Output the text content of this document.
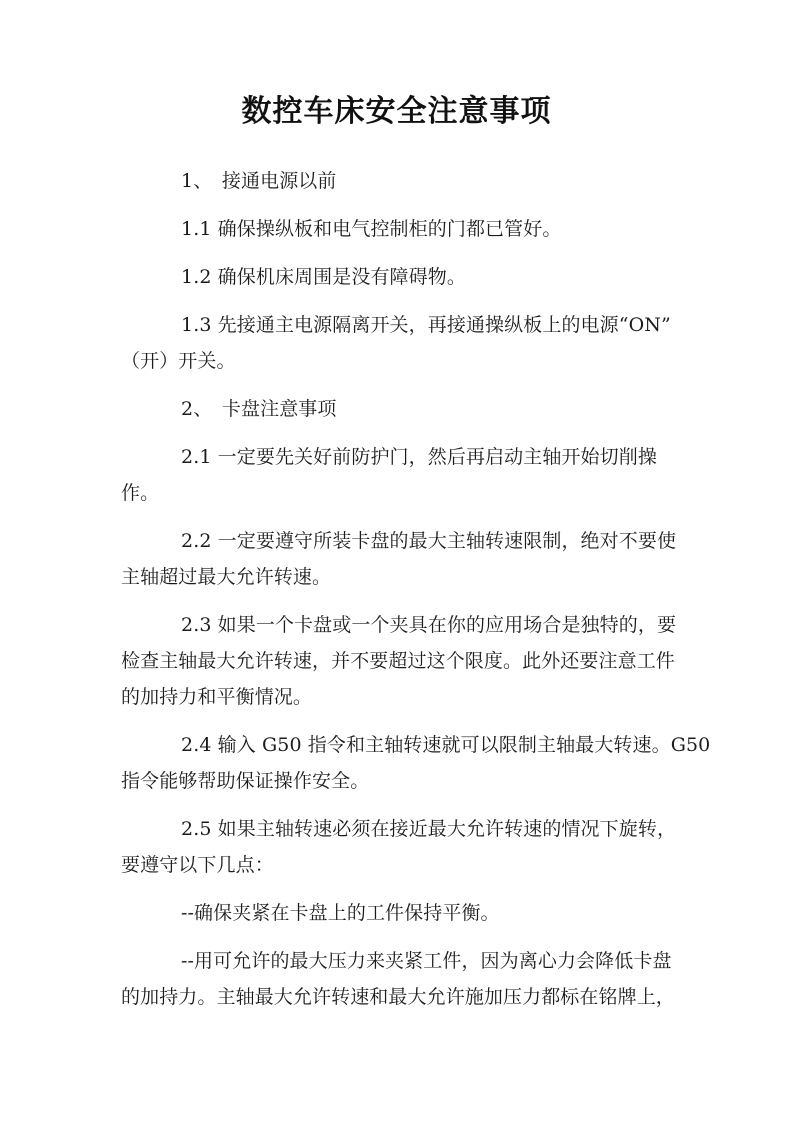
数控车床安全注意事项
1、　接通电源以前
1.1 确保操纵板和电气控制柜的门都已管好。
1.2 确保机床周围是没有障碍物。
1.3 先接通主电源隔离开关，再接通操纵板上的电源“ON”
（开）开关。
2、　卡盘注意事项
2.1 一定要先关好前防护门，然后再启动主轴开始切削操
作。
2.2 一定要遵守所装卡盘的最大主轴转速限制，绝对不要使
主轴超过最大允许转速。
2.3 如果一个卡盘或一个夹具在你的应用场合是独特的，要
检查主轴最大允许转速，并不要超过这个限度。此外还要注意工件
的加持力和平衡情况。
2.4 输入 G50 指令和主轴转速就可以限制主轴最大转速。G50
指令能够帮助保证操作安全。
2.5 如果主轴转速必须在接近最大允许转速的情况下旋转，
要遵守以下几点：
--确保夹紧在卡盘上的工件保持平衡。
--用可允许的最大压力来夹紧工件，因为离心力会降低卡盘
的加持力。主轴最大允许转速和最大允许施加压力都标在铭牌上，
